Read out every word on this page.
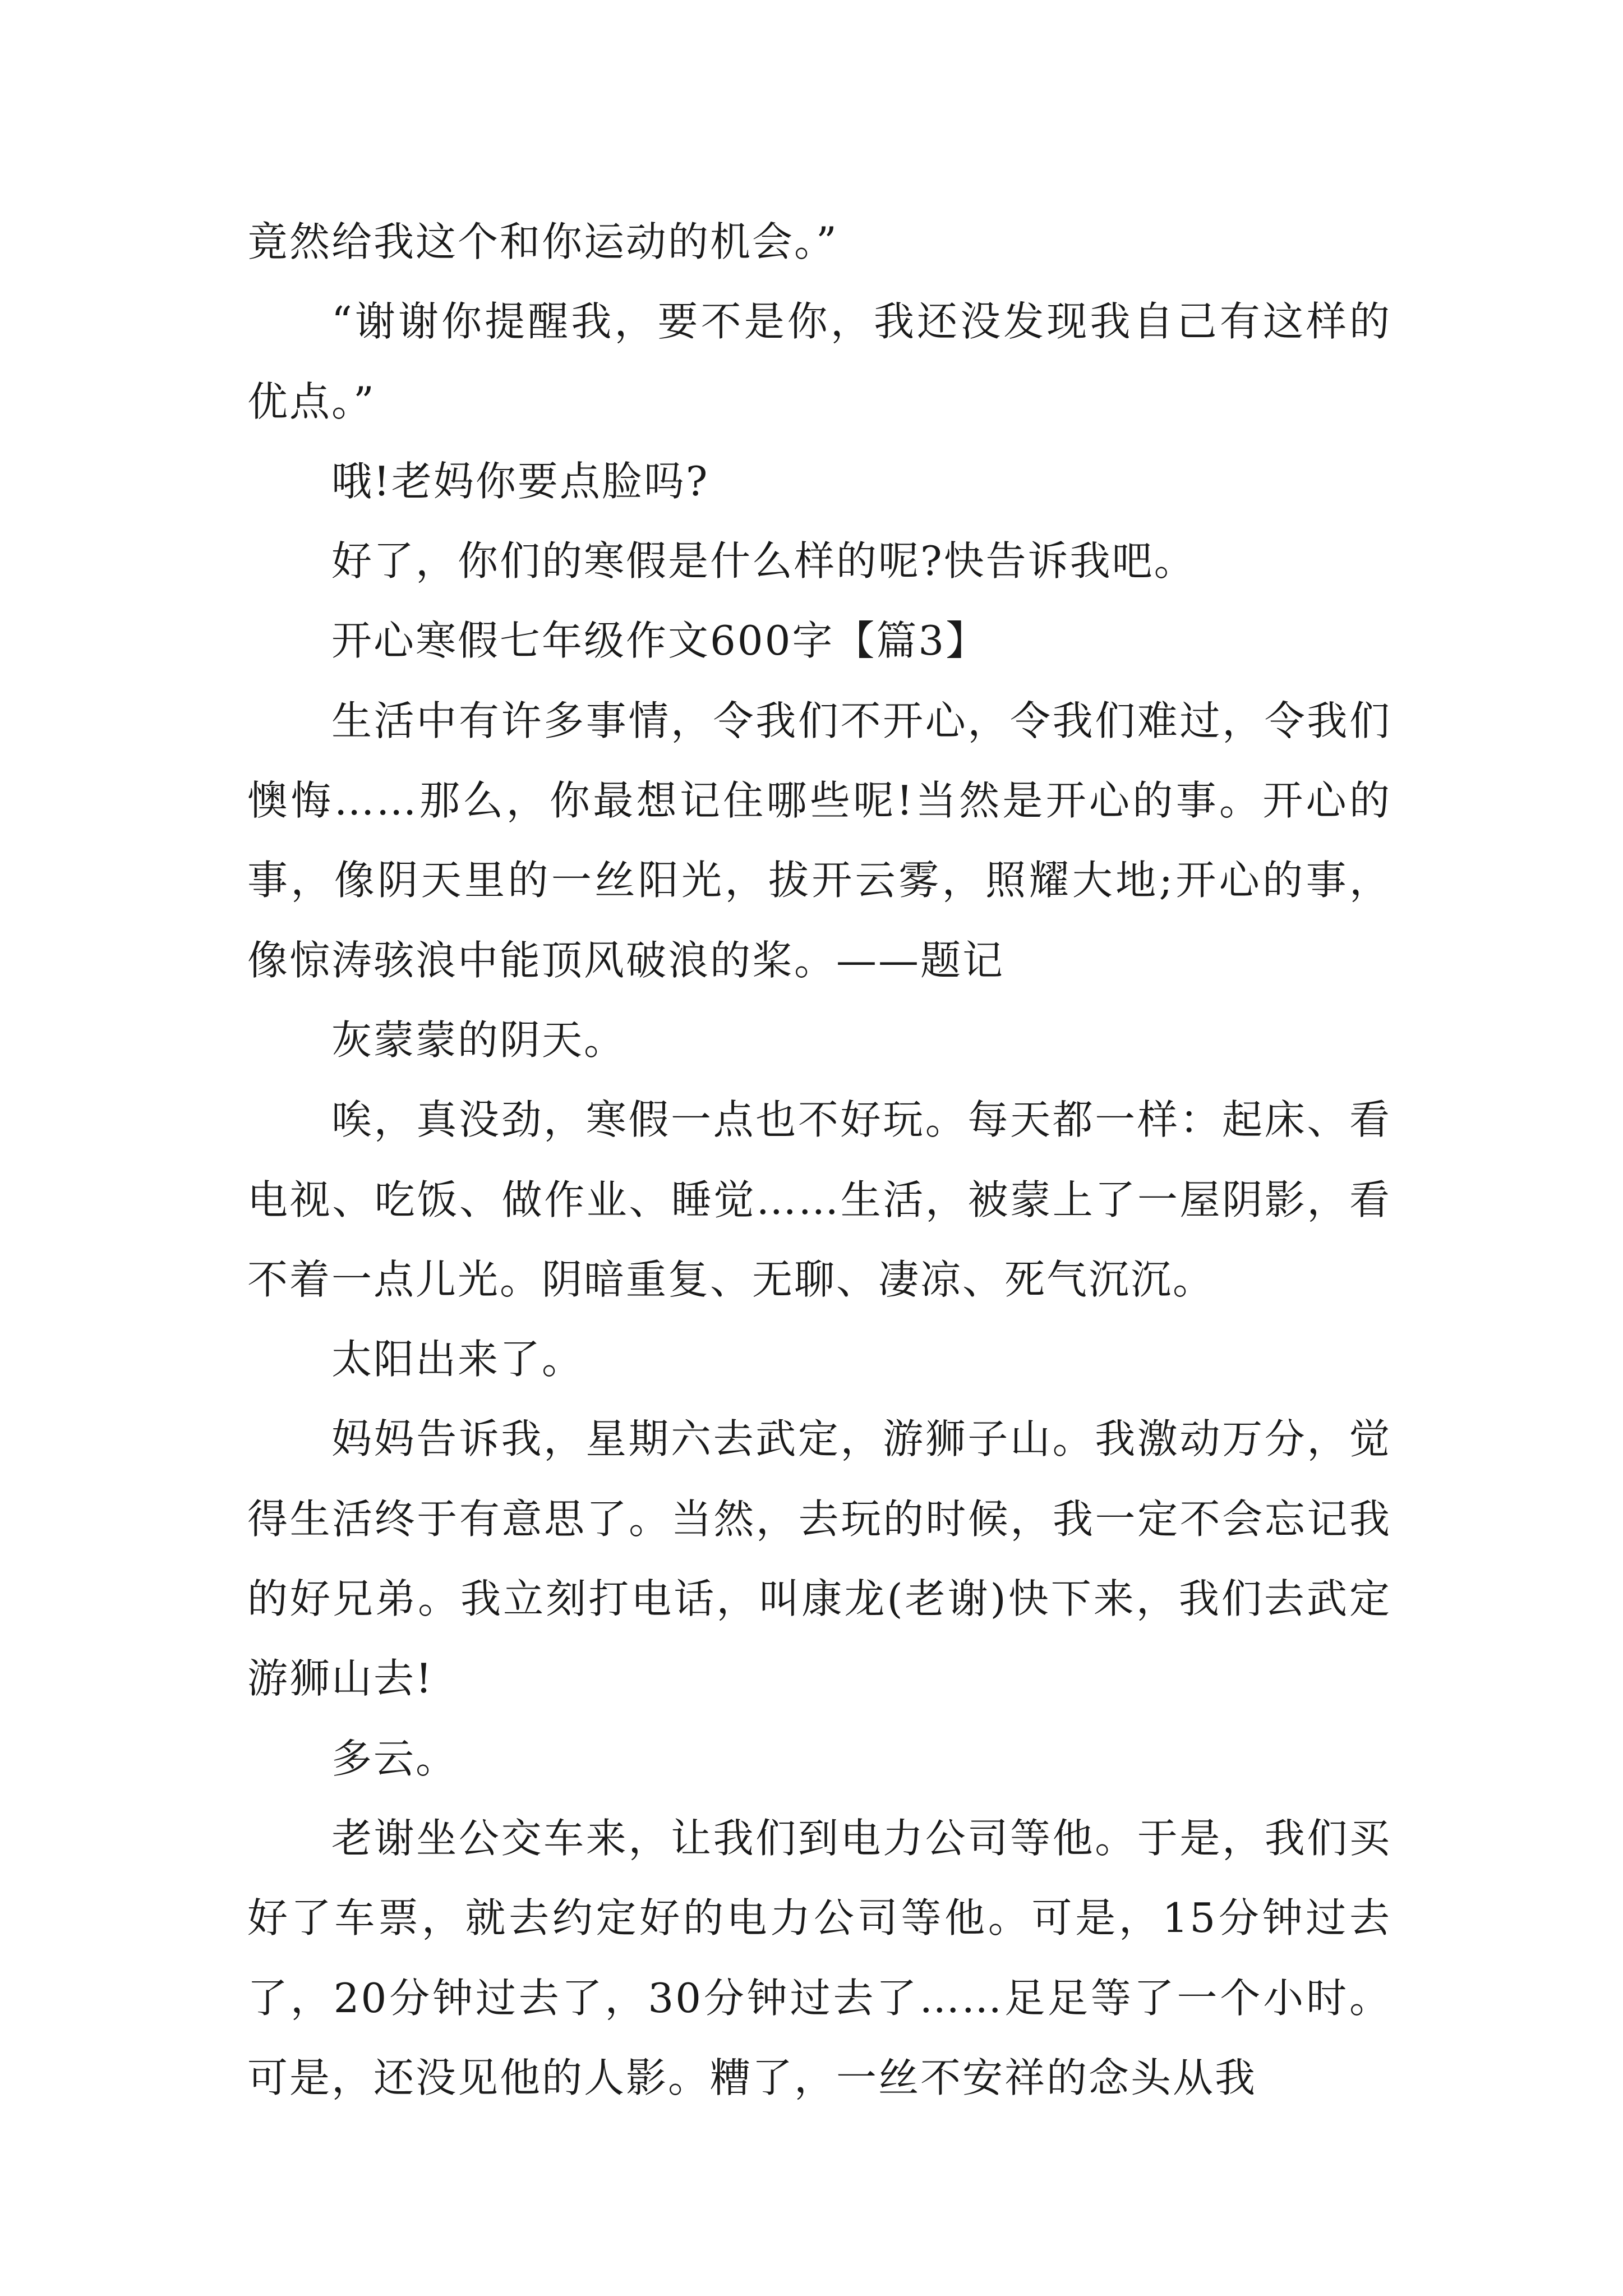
竟然给我这个和你运动的机会。”

“谢谢你提醒我，要不是你，我还没发现我自己有这样的优点。”

哦!老妈你要点脸吗?

好了，你们的寒假是什么样的呢?快告诉我吧。

开心寒假七年级作文600字【篇3】

生活中有许多事情，令我们不开心，令我们难过，令我们懊悔……那么，你最想记住哪些呢!当然是开心的事。开心的事，像阴天里的一丝阳光，拔开云雾，照耀大地;开心的事，像惊涛骇浪中能顶风破浪的桨。——题记

灰蒙蒙的阴天。

唉，真没劲，寒假一点也不好玩。每天都一样：起床、看电视、吃饭、做作业、睡觉……生活，被蒙上了一屋阴影，看不着一点儿光。阴暗重复、无聊、凄凉、死气沉沉。

太阳出来了。

妈妈告诉我，星期六去武定，游狮子山。我激动万分，觉得生活终于有意思了。当然，去玩的时候，我一定不会忘记我的好兄弟。我立刻打电话，叫康龙(老谢)快下来，我们去武定游狮山去!

多云。

老谢坐公交车来，让我们到电力公司等他。于是，我们买好了车票，就去约定好的电力公司等他。可是，15分钟过去了，20分钟过去了，30分钟过去了……足足等了一个小时。可是，还没见他的人影。糟了，一丝不安祥的念头从我
